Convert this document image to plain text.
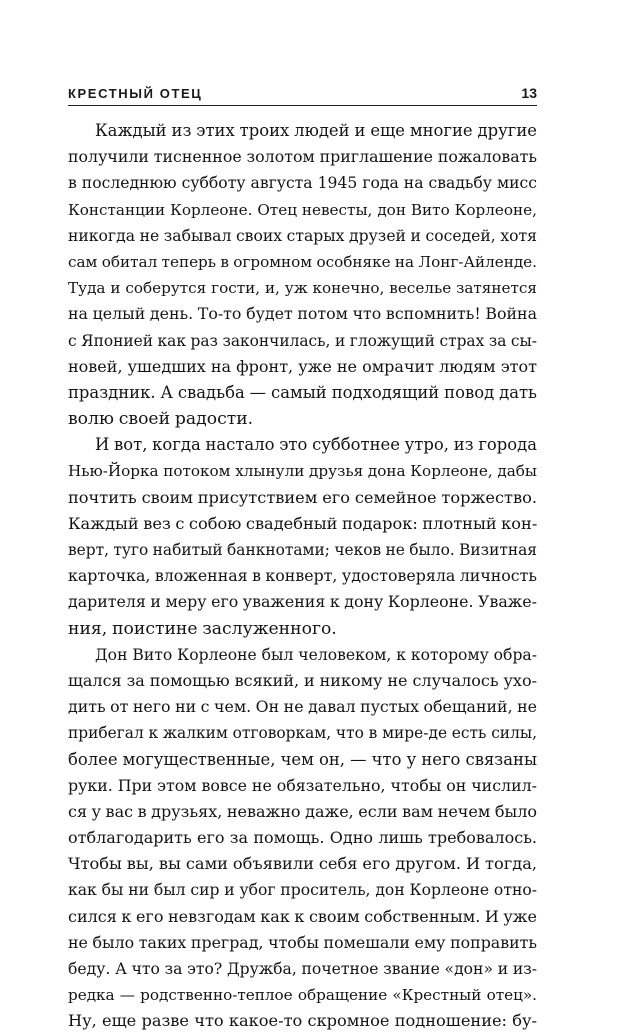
КРЕСТНЫЙ ОТЕЦ	13
Каждый из этих троих людей и еще многие другие
получили тисненное золотом приглашение пожаловать
в последнюю субботу августа 1945 года на свадьбу мисс
Констанции Корлеоне. Отец невесты, дон Вито Корлеоне,
никогда не забывал своих старых друзей и соседей, хотя
сам обитал теперь в огромном особняке на Лонг-Айленде.
Туда и соберутся гости, и, уж конечно, веселье затянется
на целый день. То-то будет потом что вспомнить! Война
с Японией как раз закончилась, и гложущий страх за сы-
новей, ушедших на фронт, уже не омрачит людям этот
праздник. А свадьба — самый подходящий повод дать
волю своей радости.
И вот, когда настало это субботнее утро, из города
Нью-Йорка потоком хлынули друзья дона Корлеоне, дабы
почтить своим присутствием его семейное торжество.
Каждый вез с собою свадебный подарок: плотный кон-
верт, туго набитый банкнотами; чеков не было. Визитная
карточка, вложенная в конверт, удостоверяла личность
дарителя и меру его уважения к дону Корлеоне. Уваже-
ния, поистине заслуженного.
Дон Вито Корлеоне был человеком, к которому обра-
щался за помощью всякий, и никому не случалось ухо-
дить от него ни с чем. Он не давал пустых обещаний, не
прибегал к жалким отговоркам, что в мире-де есть силы,
более могущественные, чем он, — что у него связаны
руки. При этом вовсе не обязательно, чтобы он числил-
ся у вас в друзьях, неважно даже, если вам нечем было
отблагодарить его за помощь. Одно лишь требовалось.
Чтобы вы, вы сами объявили себя его другом. И тогда,
как бы ни был сир и убог проситель, дон Корлеоне отно-
сился к его невзгодам как к своим собственным. И уже
не было таких преград, чтобы помешали ему поправить
беду. А что за это? Дружба, почетное звание «дон» и из-
редка — родственно-теплое обращение «Крестный отец».
Ну, еще разве что какое-то скромное подношение: бу-
